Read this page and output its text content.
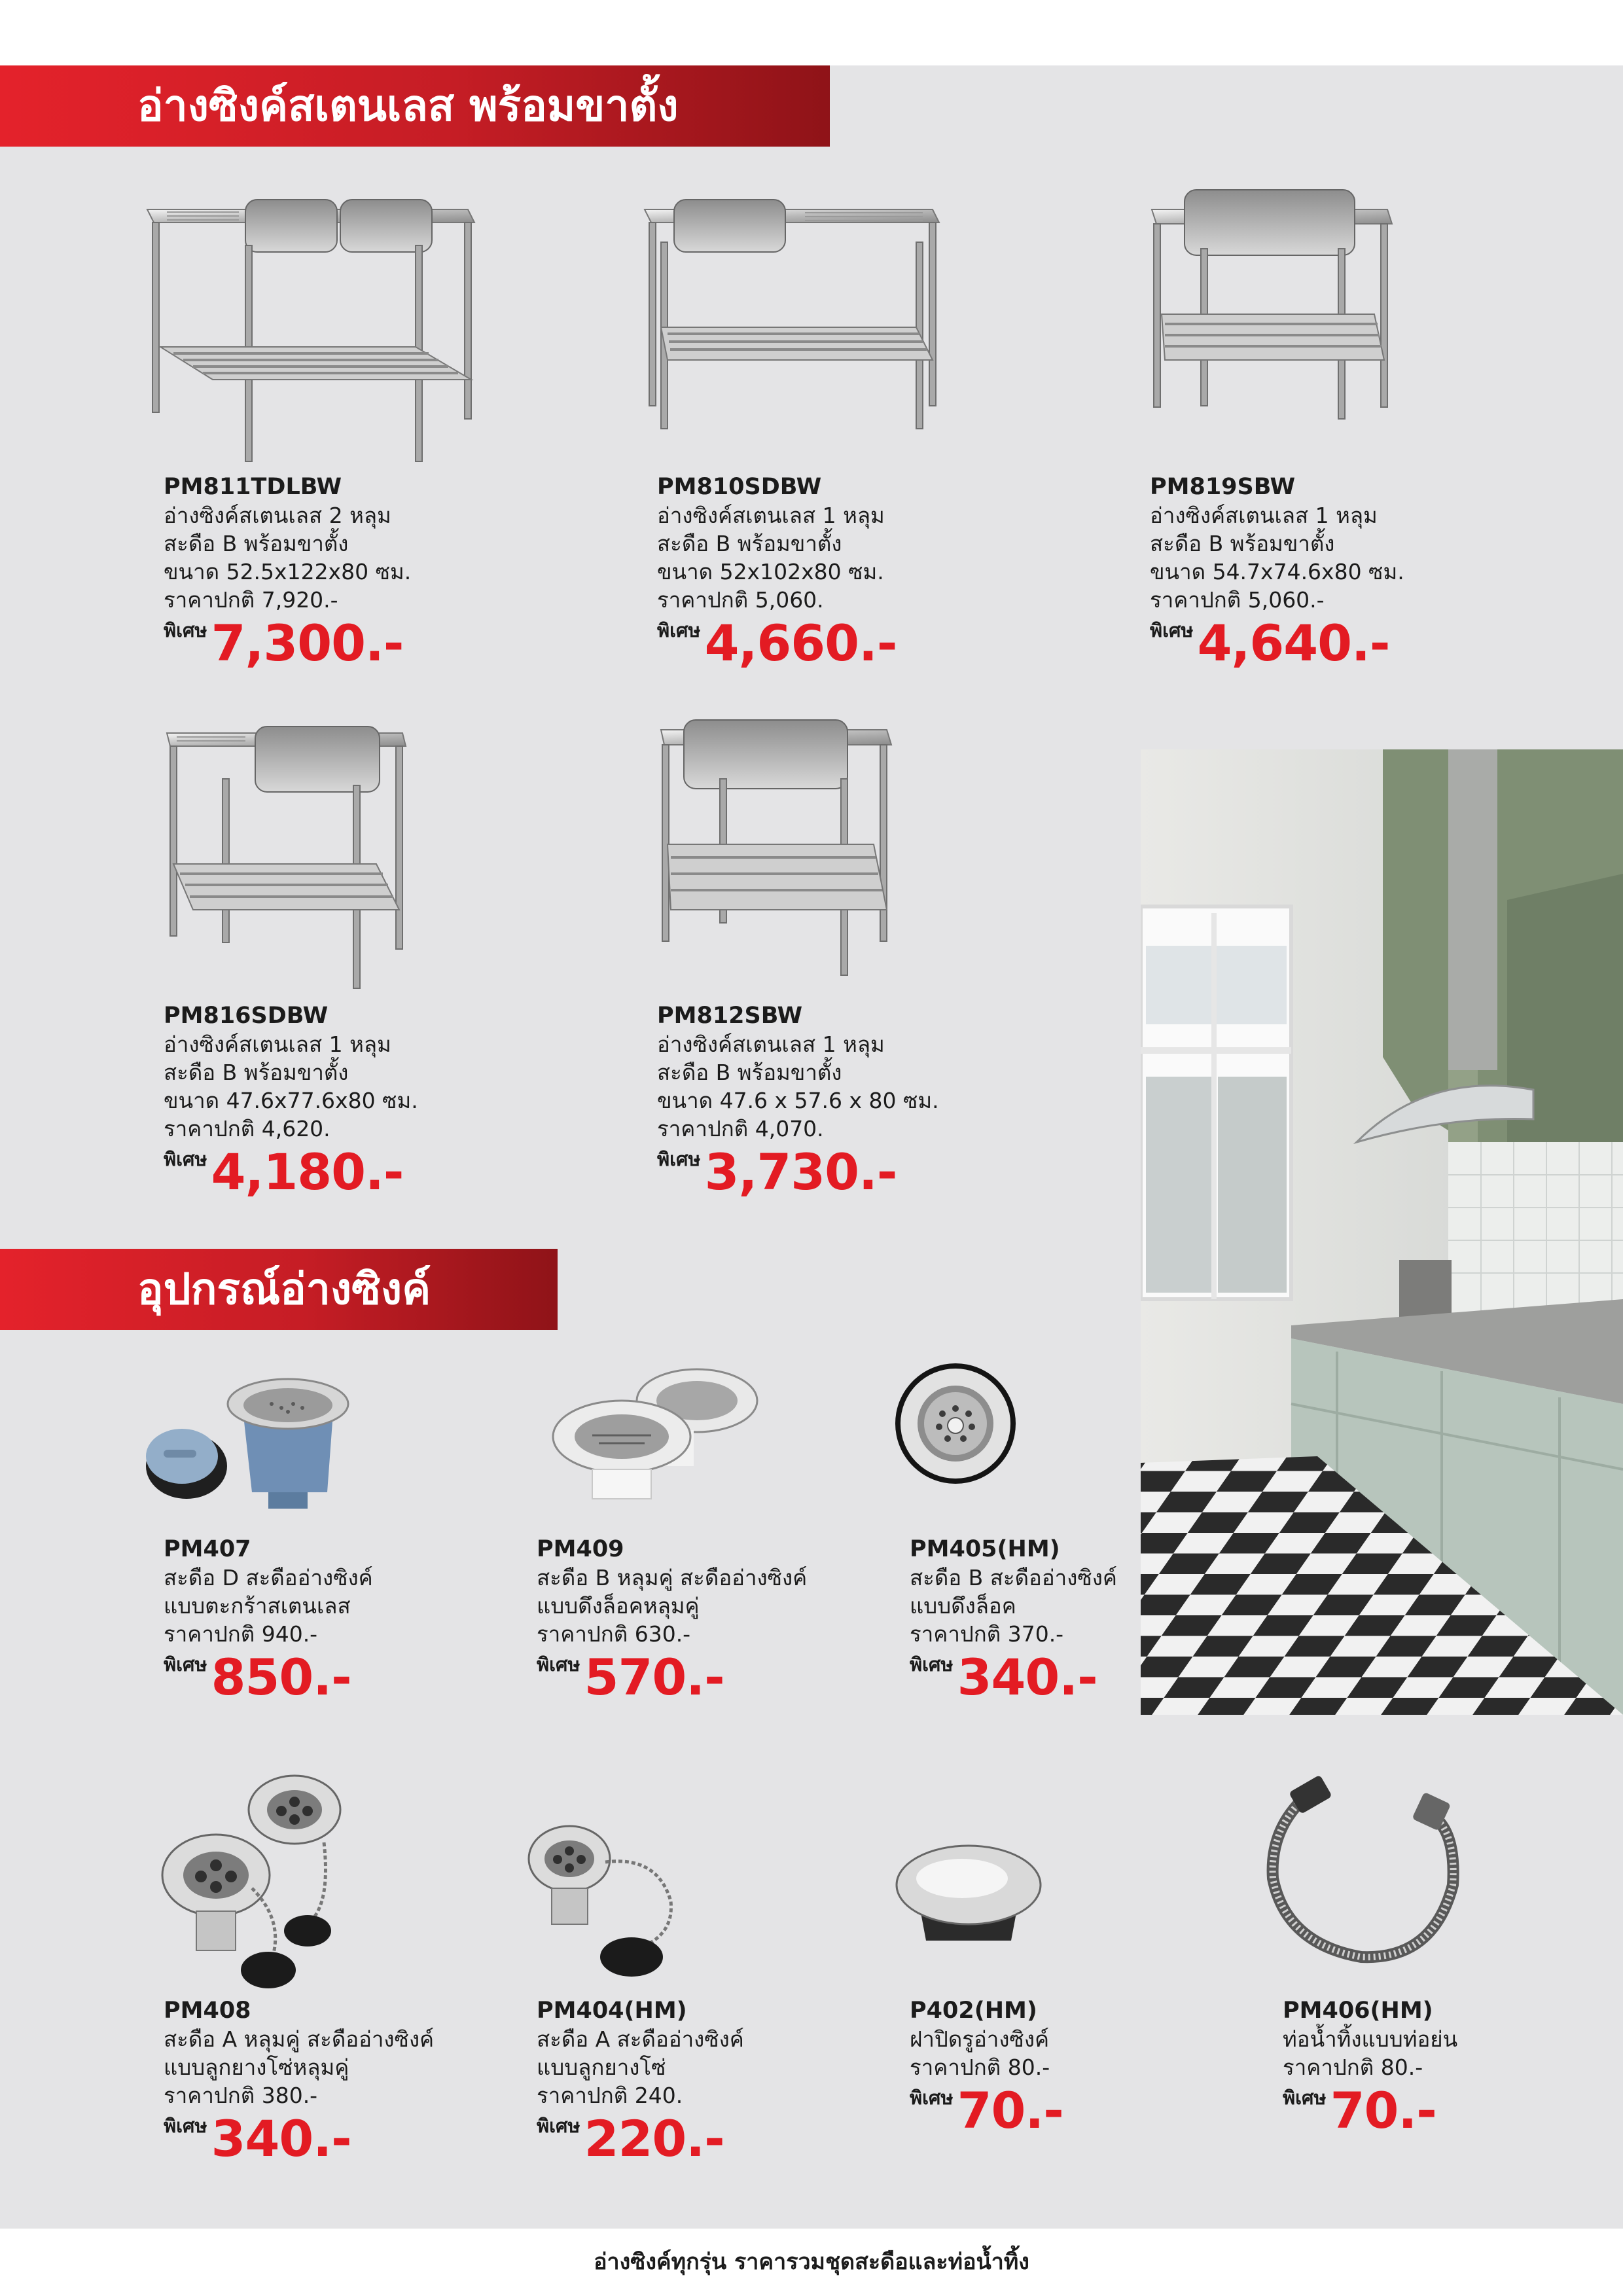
อ่างซิงค์สเตนเลส พร้อมขาตั้ง
อุปกรณ์อ่างซิงค์
PM811TDLBW
อ่างซิงค์สเตนเลส 2 หลุม
สะดือ B พร้อมขาตั้ง
ขนาด 52.5x122x80 ซม.
ราคาปกติ 7,920.-
พิเศษ7,300.-
PM810SDBW
อ่างซิงค์สเตนเลส 1 หลุม
สะดือ B พร้อมขาตั้ง
ขนาด 52x102x80 ซม.
ราคาปกติ 5,060.
พิเศษ4,660.-
PM819SBW
อ่างซิงค์สเตนเลส 1 หลุม
สะดือ B พร้อมขาตั้ง
ขนาด 54.7x74.6x80 ซม.
ราคาปกติ 5,060.-
พิเศษ4,640.-
PM816SDBW
อ่างซิงค์สเตนเลส 1 หลุม
สะดือ B พร้อมขาตั้ง
ขนาด 47.6x77.6x80 ซม.
ราคาปกติ 4,620.
พิเศษ4,180.-
PM812SBW
อ่างซิงค์สเตนเลส 1 หลุม
สะดือ B พร้อมขาตั้ง
ขนาด 47.6 x 57.6 x 80 ซม.
ราคาปกติ 4,070.
พิเศษ3,730.-
PM407
สะดือ D สะดืออ่างซิงค์
แบบตะกร้าสเตนเลส
ราคาปกติ 940.-
พิเศษ850.-
PM409
สะดือ B หลุมคู่ สะดืออ่างซิงค์
แบบดึงล็อคหลุมคู่
ราคาปกติ 630.-
พิเศษ570.-
PM405(HM)
สะดือ B สะดืออ่างซิงค์
แบบดึงล็อค
ราคาปกติ 370.-
พิเศษ340.-
PM408
สะดือ A หลุมคู่ สะดืออ่างซิงค์
แบบลูกยางโซ่หลุมคู่
ราคาปกติ 380.-
พิเศษ340.-
PM404(HM)
สะดือ A สะดืออ่างซิงค์
แบบลูกยางโซ่
ราคาปกติ 240.
พิเศษ220.-
P402(HM)
ฝาปิดรูอ่างซิงค์
ราคาปกติ 80.-
พิเศษ70.-
PM406(HM)
ท่อน้ำทิ้งแบบท่อย่น
ราคาปกติ 80.-
พิเศษ70.-
อ่างซิงค์ทุกรุ่น ราคารวมชุดสะดือและท่อน้ำทิ้ง
